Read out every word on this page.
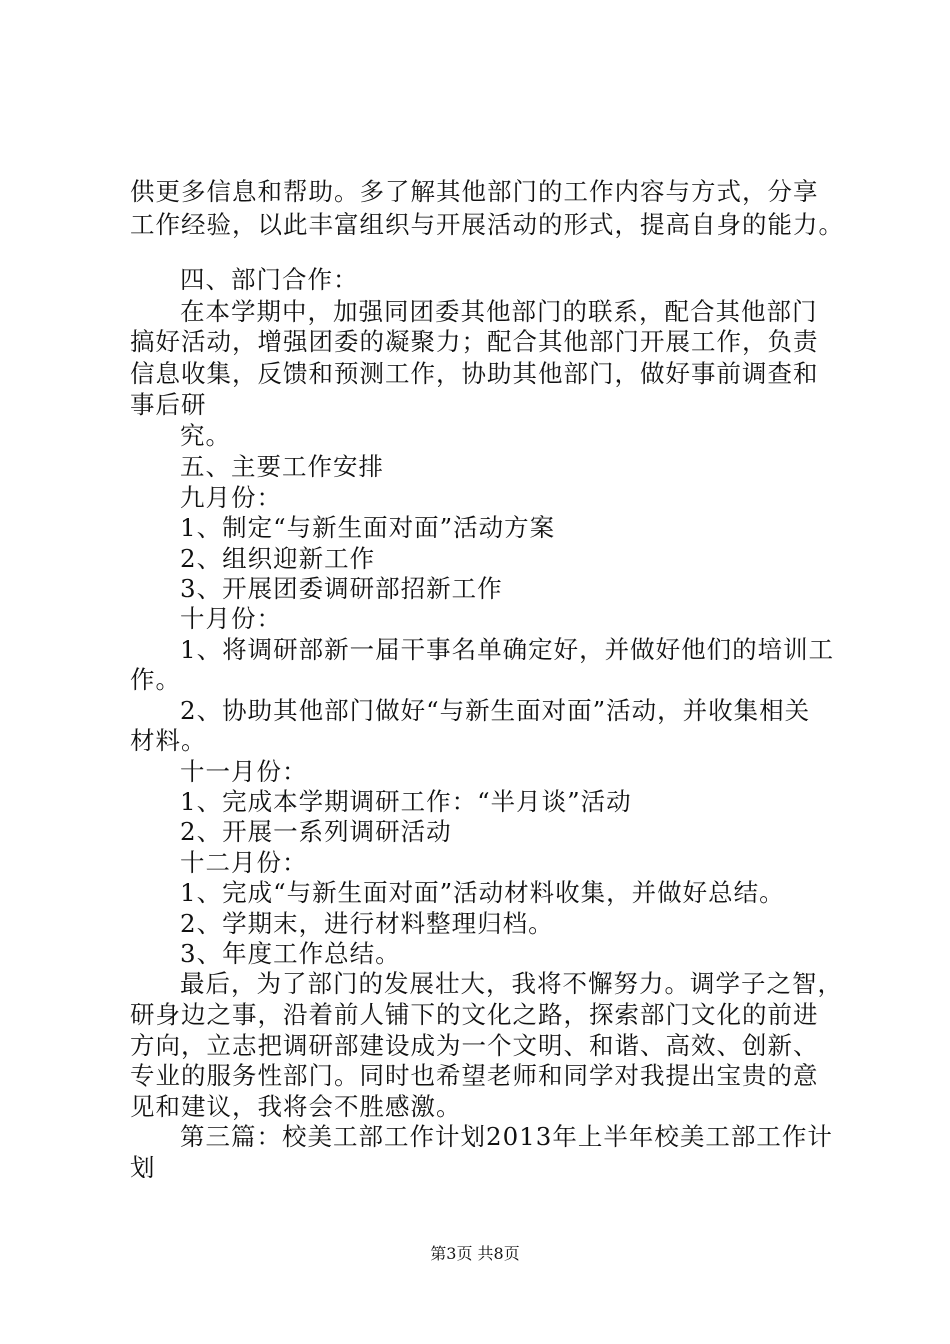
供更多信息和帮助。多了解其他部门的工作内容与方式，分享
工作经验，以此丰富组织与开展活动的形式，提高自身的能力。
四、部门合作：
在本学期中，加强同团委其他部门的联系，配合其他部门
搞好活动，增强团委的凝聚力；配合其他部门开展工作，负责
信息收集，反馈和预测工作，协助其他部门，做好事前调查和
事后研
究。
五、主要工作安排
九月份：
1、制定“与新生面对面”活动方案
2、组织迎新工作
3、开展团委调研部招新工作
十月份：
1、将调研部新一届干事名单确定好，并做好他们的培训工
作。
2、协助其他部门做好“与新生面对面”活动，并收集相关
材料。
十一月份：
1、完成本学期调研工作：“半月谈”活动
2、开展一系列调研活动
十二月份：
1、完成“与新生面对面”活动材料收集，并做好总结。
2、学期末，进行材料整理归档。
3、年度工作总结。
最后，为了部门的发展壮大，我将不懈努力。调学子之智，
研身边之事，沿着前人铺下的文化之路，探索部门文化的前进
方向，立志把调研部建设成为一个文明、和谐、高效、创新、
专业的服务性部门。同时也希望老师和同学对我提出宝贵的意
见和建议，我将会不胜感激。
第三篇：校美工部工作计划2013年上半年校美工部工作计
划
第3页 共8页
